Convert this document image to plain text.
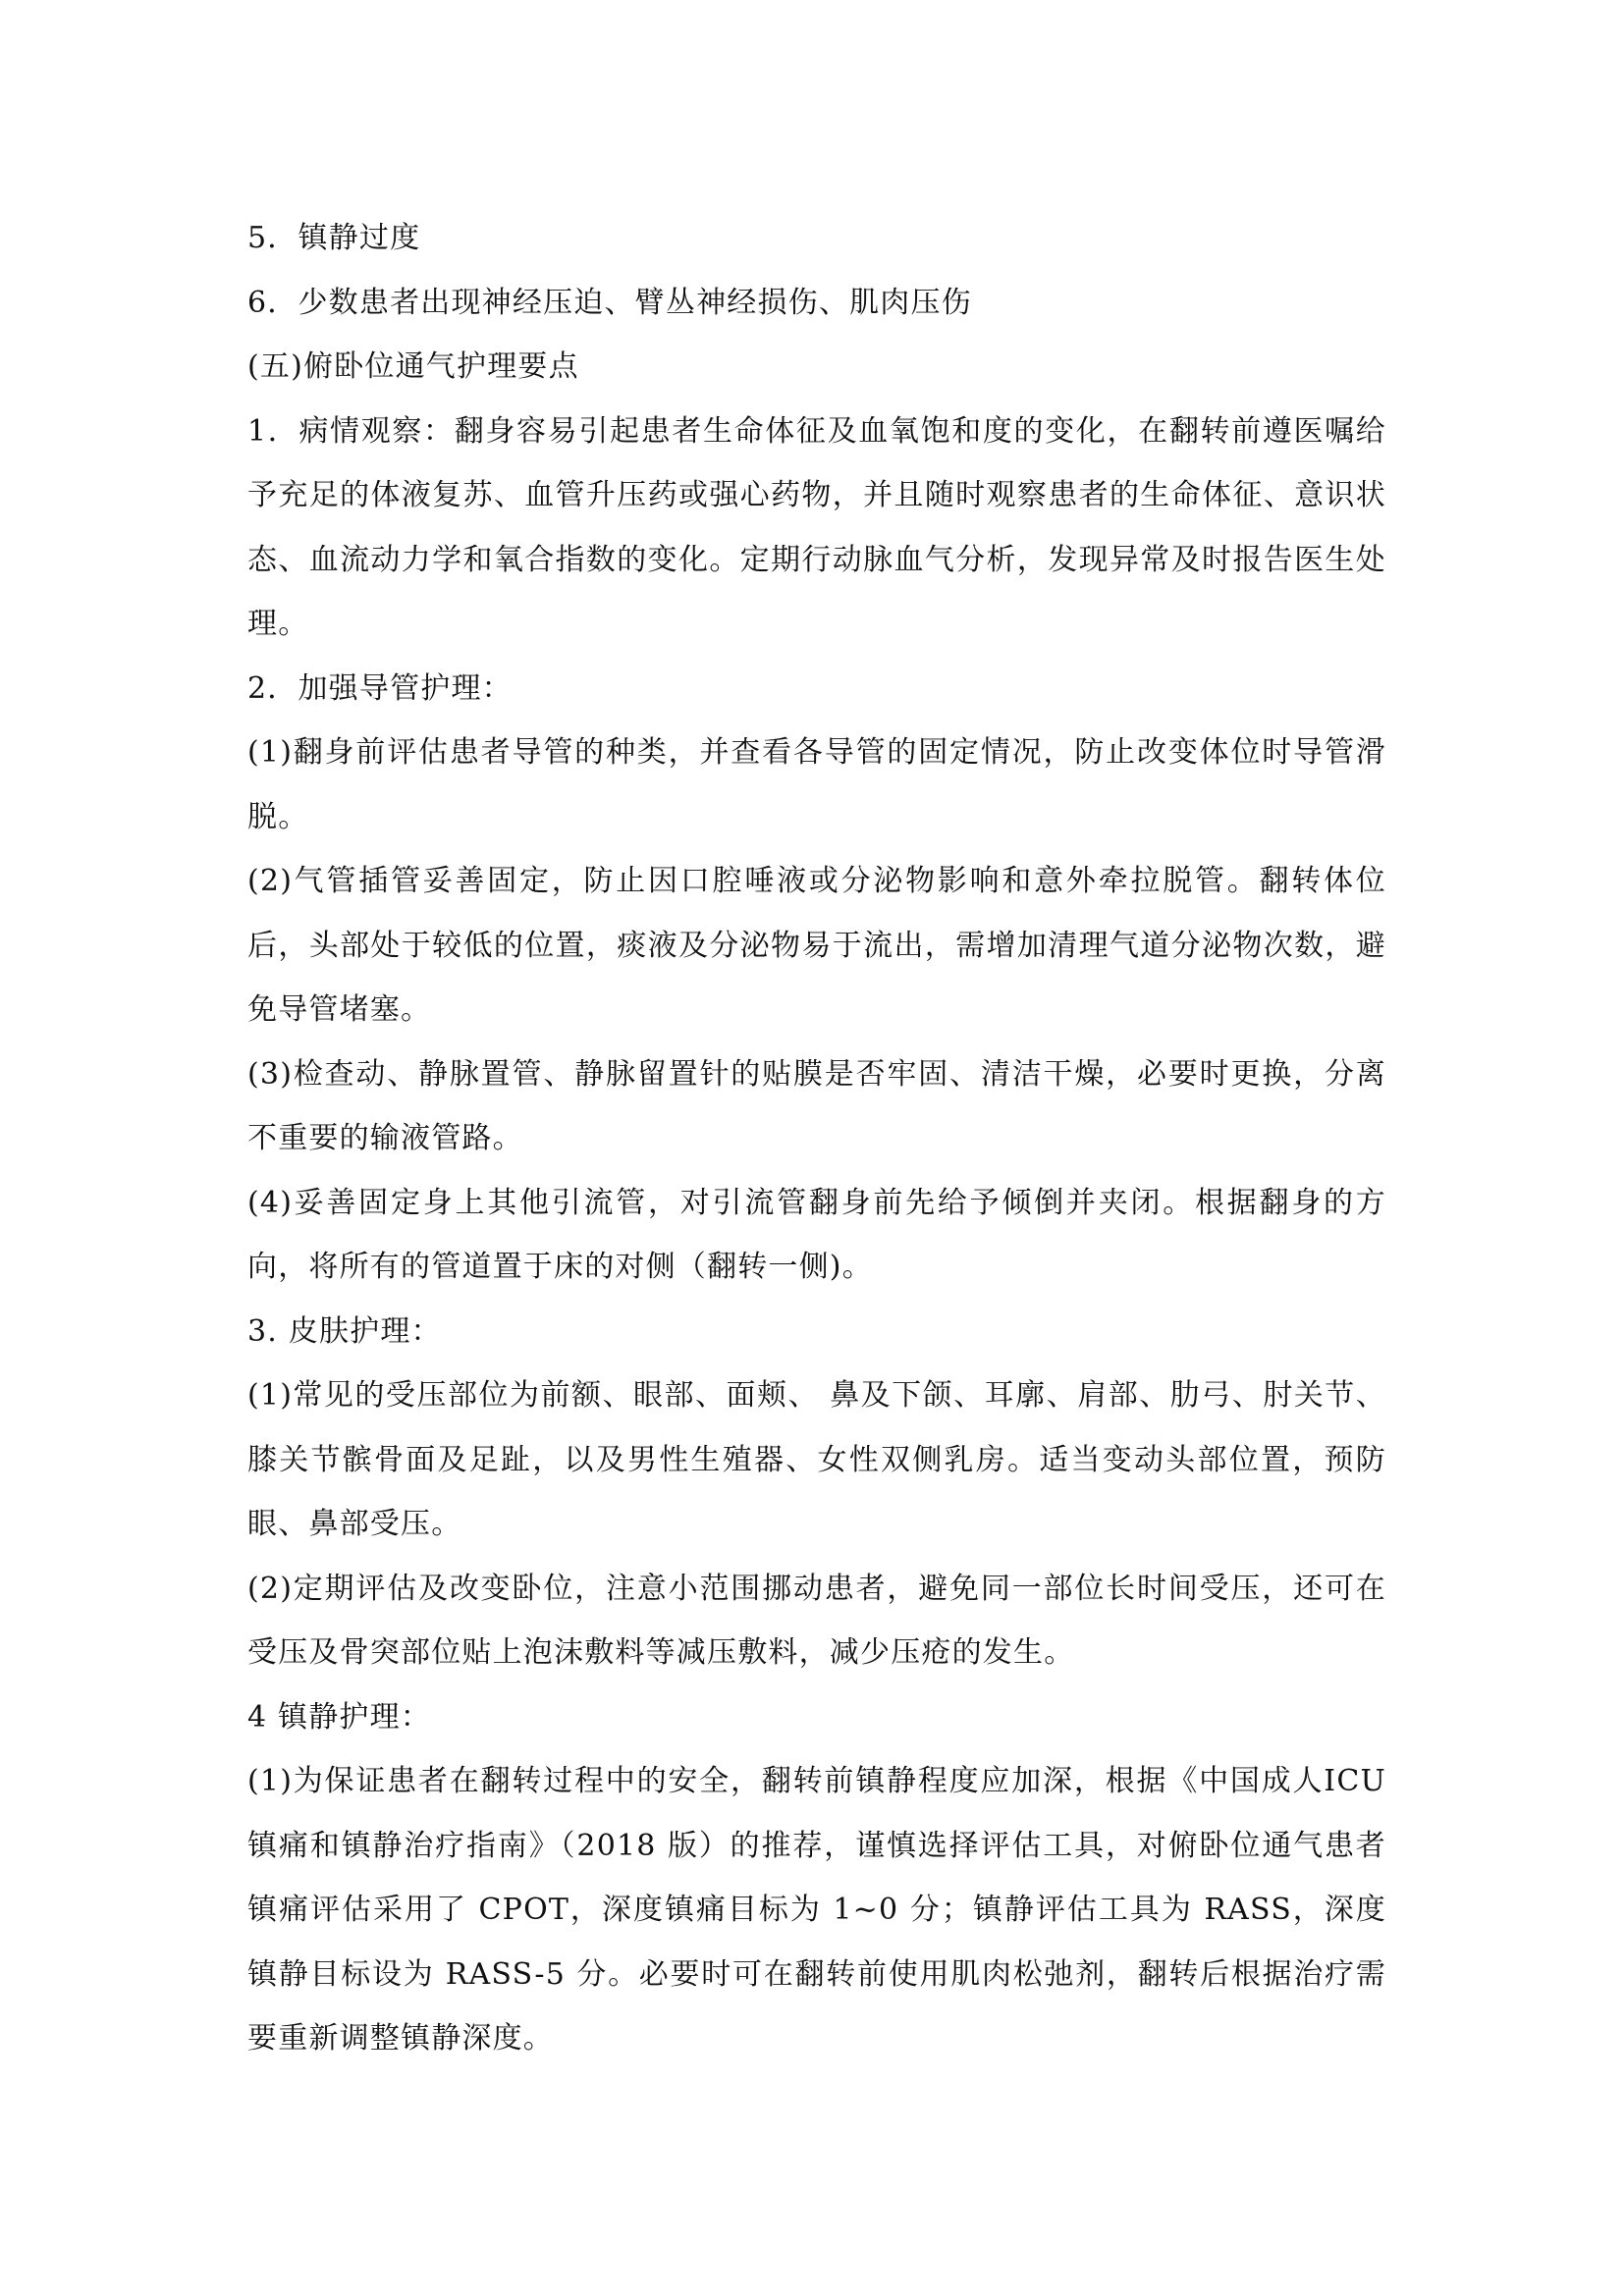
5．镇静过度

6．少数患者出现神经压迫、臂丛神经损伤、肌肉压伤

(五)俯卧位通气护理要点

1．病情观察：翻身容易引起患者生命体征及血氧饱和度的变化，在翻转前遵医嘱给予充足的体液复苏、血管升压药或强心药物，并且随时观察患者的生命体征、意识状态、血流动力学和氧合指数的变化。定期行动脉血气分析，发现异常及时报告医生处理。

2．加强导管护理：

(1)翻身前评估患者导管的种类，并查看各导管的固定情况，防止改变体位时导管滑脱。

(2)气管插管妥善固定，防止因口腔唾液或分泌物影响和意外牵拉脱管。翻转体位后，头部处于较低的位置，痰液及分泌物易于流出，需增加清理气道分泌物次数，避免导管堵塞。

(3)检查动、静脉置管、静脉留置针的贴膜是否牢固、清洁干燥，必要时更换，分离不重要的输液管路。

(4)妥善固定身上其他引流管，对引流管翻身前先给予倾倒并夹闭。根据翻身的方向，将所有的管道置于床的对侧（翻转一侧)。

3. 皮肤护理：

(1)常见的受压部位为前额、眼部、面颊、 鼻及下颌、耳廓、肩部、肋弓、肘关节、膝关节髌骨面及足趾，以及男性生殖器、女性双侧乳房。适当变动头部位置，预防眼、鼻部受压。

(2)定期评估及改变卧位，注意小范围挪动患者，避免同一部位长时间受压，还可在受压及骨突部位贴上泡沫敷料等减压敷料，减少压疮的发生。

4 镇静护理：

(1)为保证患者在翻转过程中的安全，翻转前镇静程度应加深，根据《中国成人ICU 镇痛和镇静治疗指南》（2018 版）的推荐，谨慎选择评估工具，对俯卧位通气患者镇痛评估采用了 CPOT，深度镇痛目标为 1~0 分；镇静评估工具为 RASS，深度镇静目标设为 RASS-5 分。必要时可在翻转前使用肌肉松弛剂，翻转后根据治疗需要重新调整镇静深度。
